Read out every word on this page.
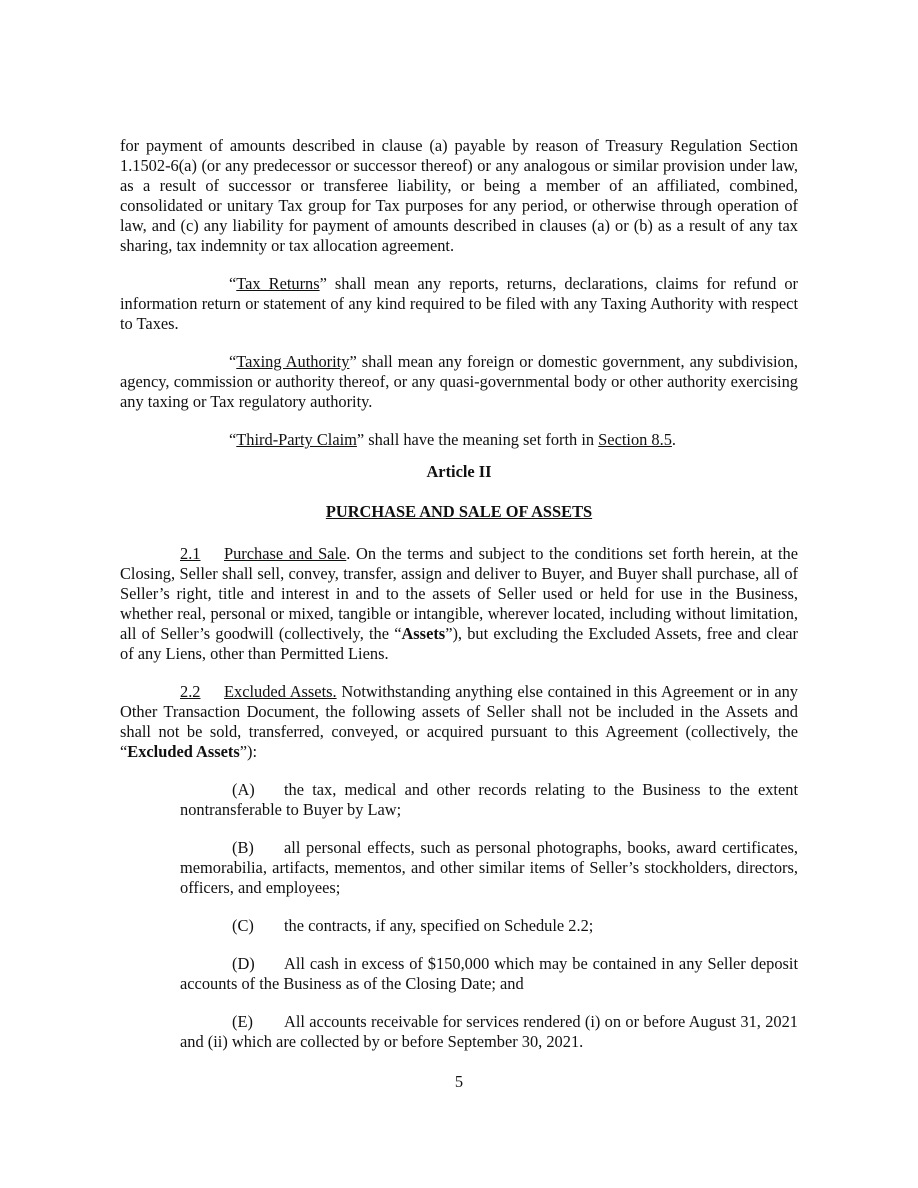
for payment of amounts described in clause (a) payable by reason of Treasury Regulation Section 1.1502-6(a) (or any predecessor or successor thereof) or any analogous or similar provision under law, as a result of successor or transferee liability, or being a member of an affiliated, combined, consolidated or unitary Tax group for Tax purposes for any period, or otherwise through operation of law, and (c) any liability for payment of amounts described in clauses (a) or (b) as a result of any tax sharing, tax indemnity or tax allocation agreement.

“Tax Returns” shall mean any reports, returns, declarations, claims for refund or information return or statement of any kind required to be filed with any Taxing Authority with respect to Taxes.

“Taxing Authority” shall mean any foreign or domestic government, any subdivision, agency, commission or authority thereof, or any quasi-governmental body or other authority exercising any taxing or Tax regulatory authority.

“Third-Party Claim” shall have the meaning set forth in Section 8.5.

Article II

PURCHASE AND SALE OF ASSETS

2.1 Purchase and Sale. On the terms and subject to the conditions set forth herein, at the Closing, Seller shall sell, convey, transfer, assign and deliver to Buyer, and Buyer shall purchase, all of Seller’s right, title and interest in and to the assets of Seller used or held for use in the Business, whether real, personal or mixed, tangible or intangible, wherever located, including without limitation, all of Seller’s goodwill (collectively, the “Assets”), but excluding the Excluded Assets, free and clear of any Liens, other than Permitted Liens.

2.2 Excluded Assets. Notwithstanding anything else contained in this Agreement or in any Other Transaction Document, the following assets of Seller shall not be included in the Assets and shall not be sold, transferred, conveyed, or acquired pursuant to this Agreement (collectively, the “Excluded Assets”):

(A) the tax, medical and other records relating to the Business to the extent nontransferable to Buyer by Law;

(B) all personal effects, such as personal photographs, books, award certificates, memorabilia, artifacts, mementos, and other similar items of Seller’s stockholders, directors, officers, and employees;

(C) the contracts, if any, specified on Schedule 2.2;

(D) All cash in excess of $150,000 which may be contained in any Seller deposit accounts of the Business as of the Closing Date; and

(E) All accounts receivable for services rendered (i) on or before August 31, 2021 and (ii) which are collected by or before September 30, 2021.

5
